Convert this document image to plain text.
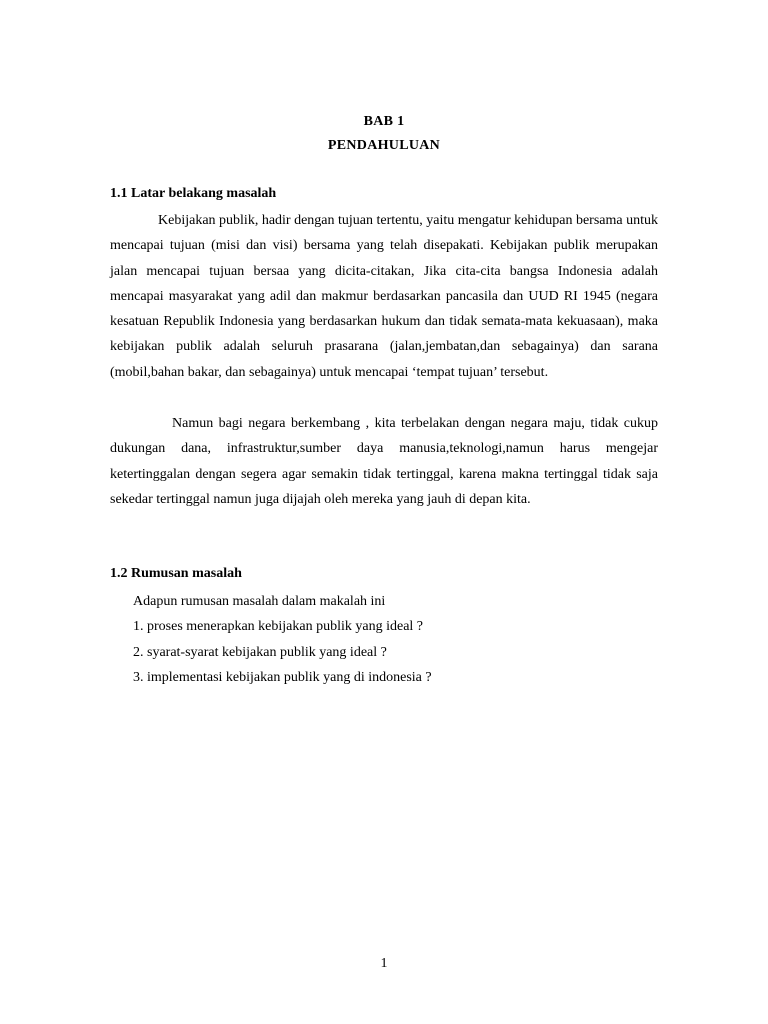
BAB 1
PENDAHULUAN
1.1 Latar belakang masalah

Kebijakan publik, hadir dengan tujuan tertentu, yaitu mengatur kehidupan bersama untuk mencapai tujuan (misi dan visi) bersama yang telah disepakati. Kebijakan publik merupakan jalan mencapai tujuan bersaa yang dicita-citakan, Jika cita-cita bangsa Indonesia adalah mencapai masyarakat yang adil dan makmur berdasarkan pancasila dan UUD RI 1945 (negara kesatuan Republik Indonesia yang berdasarkan hukum dan tidak semata-mata kekuasaan), maka kebijakan publik adalah seluruh prasarana (jalan,jembatan,dan sebagainya) dan sarana (mobil,bahan bakar, dan sebagainya) untuk mencapai ‘tempat tujuan’ tersebut.

Namun bagi negara berkembang , kita terbelakan dengan negara maju, tidak cukup dukungan dana, infrastruktur,sumber daya manusia,teknologi,namun harus mengejar ketertinggalan dengan segera agar semakin tidak tertinggal, karena makna tertinggal tidak saja sekedar tertinggal namun juga dijajah oleh mereka yang jauh di depan kita.

1.2 Rumusan masalah
Adapun rumusan masalah dalam makalah ini
1. proses menerapkan kebijakan publik yang ideal ?
2. syarat-syarat kebijakan publik yang ideal ?
3. implementasi kebijakan publik yang di indonesia ?
1
